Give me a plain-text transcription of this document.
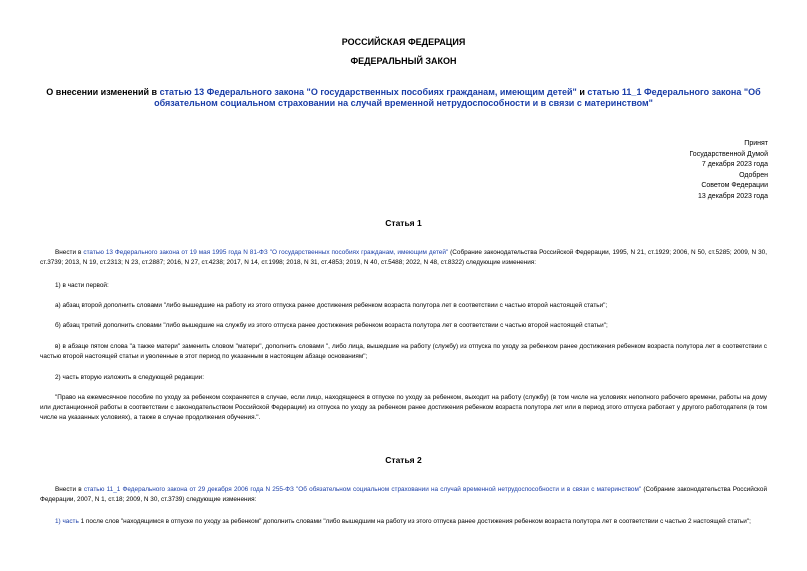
РОССИЙСКАЯ ФЕДЕРАЦИЯ
ФЕДЕРАЛЬНЫЙ ЗАКОН
О внесении изменений в статью 13 Федерального закона "О государственных пособиях гражданам, имеющим детей" и статью 11_1 Федерального закона "Об обязательном социальном страховании на случай временной нетрудоспособности и в связи с материнством"
Принят
Государственной Думой
7 декабря 2023 года
Одобрен
Советом Федерации
13 декабря 2023 года
Статья 1
Внести в статью 13 Федерального закона от 19 мая 1995 года N 81-ФЗ "О государственных пособиях гражданам, имеющим детей" (Собрание законодательства Российской Федерации, 1995, N 21, ст.1929; 2006, N 50, ст.5285; 2009, N 30, ст.3739; 2013, N 19, ст.2313; N 23, ст.2887; 2016, N 27, ст.4238; 2017, N 14, ст.1998; 2018, N 31, ст.4853; 2019, N 40, ст.5488; 2022, N 48, ст.8322) следующие изменения:
1) в части первой:
а) абзац второй дополнить словами "либо вышедшие на работу из этого отпуска ранее достижения ребенком возраста полутора лет в соответствии с частью второй настоящей статьи";
б) абзац третий дополнить словами "либо вышедшие на службу из этого отпуска ранее достижения ребенком возраста полутора лет в соответствии с частью второй настоящей статьи";
в) в абзаце пятом слова "а также матери" заменить словом "матери", дополнить словами ", либо лица, вышедшие на работу (службу) из отпуска по уходу за ребенком ранее достижения ребенком возраста полутора лет в соответствии с частью второй настоящей статьи и уволенные в этот период по указанным в настоящем абзаце основаниям";
2) часть вторую изложить в следующей редакции:
"Право на ежемесячное пособие по уходу за ребенком сохраняется в случае, если лицо, находящееся в отпуске по уходу за ребенком, выходит на работу (службу) (в том числе на условиях неполного рабочего времени, работы на дому или дистанционной работы в соответствии с законодательством Российской Федерации) из отпуска по уходу за ребенком ранее достижения ребенком возраста полутора лет или в период этого отпуска работает у другого работодателя (в том числе на указанных условиях), а также в случае продолжения обучения.".
Статья 2
Внести в статью 11_1 Федерального закона от 29 декабря 2006 года N 255-ФЗ "Об обязательном социальном страховании на случай временной нетрудоспособности и в связи с материнством" (Собрание законодательства Российской Федерации, 2007, N 1, ст.18; 2009, N 30, ст.3739) следующие изменения:
1) часть 1 после слов "находящимся в отпуске по уходу за ребенком" дополнить словами "либо вышедшим на работу из этого отпуска ранее достижения ребенком возраста полутора лет в соответствии с частью 2 настоящей статьи";
